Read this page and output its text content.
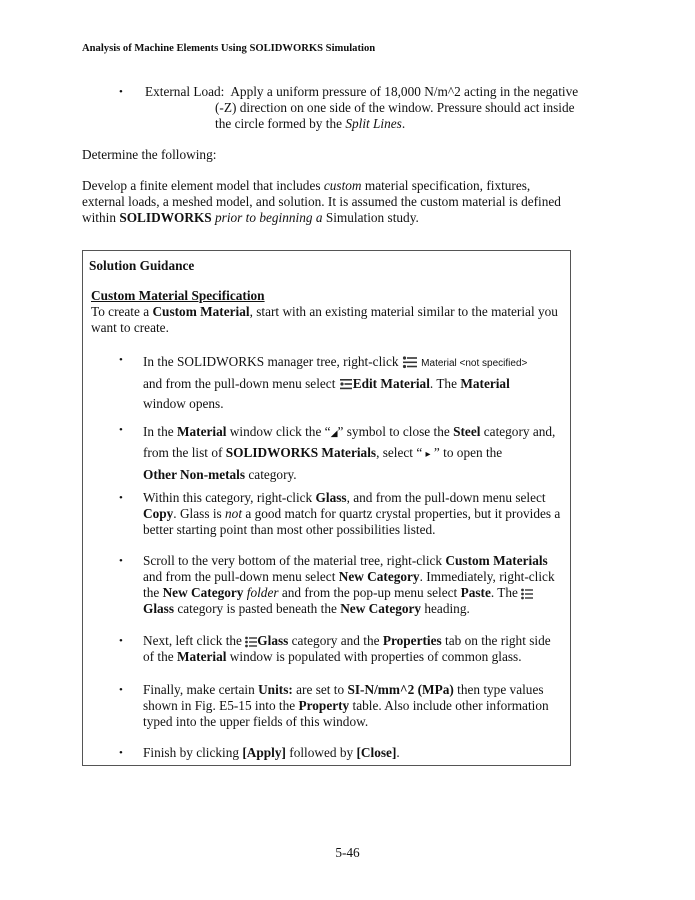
Analysis of Machine Elements Using SOLIDWORKS Simulation
•	External Load: Apply a uniform pressure of 18,000 N/m^2 acting in the negative (-Z) direction on one side of the window. Pressure should act inside the circle formed by the Split Lines.

Determine the following:

Develop a finite element model that includes custom material specification, fixtures, external loads, a meshed model, and solution. It is assumed the custom material is defined within SOLIDWORKS prior to beginning a Simulation study.

Solution Guidance
Custom Material Specification

To create a Custom Material, start with an existing material similar to the material you want to create.

•	In the SOLIDWORKS manager tree, right-click  Material <not specified>
and from the pull-down menu select Edit Material. The Material
window opens.
•	In the Material window click the “◢” symbol to close the Steel category and, from the list of SOLIDWORKS Materials, select “ ▸ ” to open the Other Non-metals category.
•	Within this category, right-click Glass, and from the pull-down menu select Copy. Glass is not a good match for quartz crystal properties, but it provides a better starting point than most other possibilities listed.

•	Scroll to the very bottom of the material tree, right-click Custom Materials and from the pull-down menu select New Category. Immediately, right-click the New Category folder and from the pop-up menu select Paste. The Glass category is pasted beneath the New Category heading.

•	Next, left click the Glass category and the Properties tab on the right side of the Material window is populated with properties of common glass.

•	Finally, make certain Units: are set to SI-N/mm^2 (MPa) then type values shown in Fig. E5-15 into the Property table. Also include other information typed into the upper fields of this window.

•	Finish by clicking [Apply] followed by [Close].

5-46
